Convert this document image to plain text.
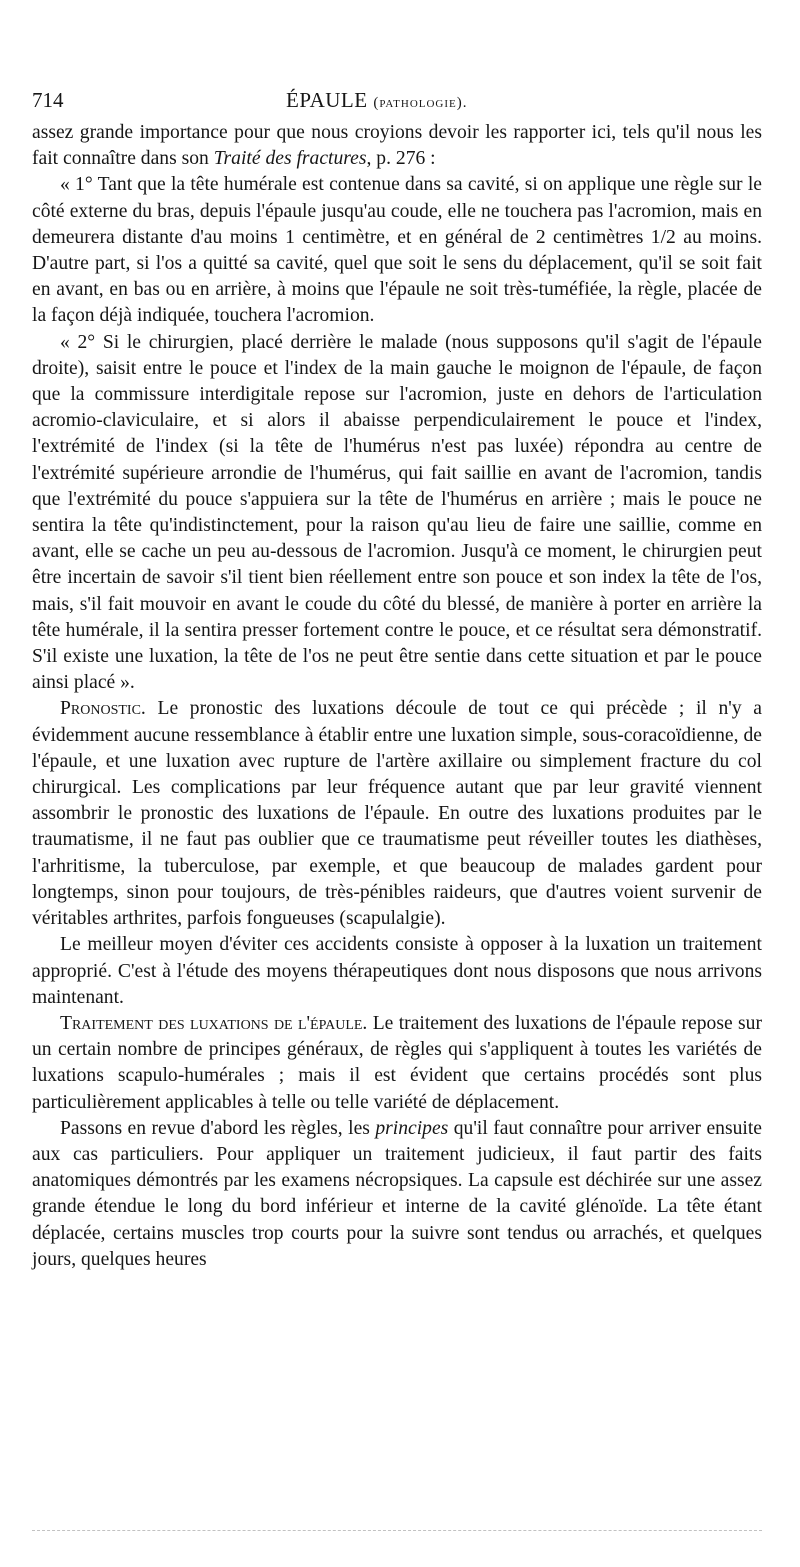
714	ÉPAULE (pathologie).

assez grande importance pour que nous croyions devoir les rapporter ici, tels qu'il nous les fait connaître dans son Traité des fractures, p. 276 :

« 1° Tant que la tête humérale est contenue dans sa cavité, si on applique une règle sur le côté externe du bras, depuis l'épaule jusqu'au coude, elle ne touchera pas l'acromion, mais en demeurera distante d'au moins 1 centimètre, et en général de 2 centimètres 1/2 au moins. D'autre part, si l'os a quitté sa cavité, quel que soit le sens du déplacement, qu'il se soit fait en avant, en bas ou en arrière, à moins que l'épaule ne soit très-tuméfiée, la règle, placée de la façon déjà indiquée, touchera l'acromion.

« 2° Si le chirurgien, placé derrière le malade (nous supposons qu'il s'agit de l'épaule droite), saisit entre le pouce et l'index de la main gauche le moignon de l'épaule, de façon que la commissure interdigitale repose sur l'acromion, juste en dehors de l'articulation acromio-claviculaire, et si alors il abaisse perpendiculairement le pouce et l'index, l'extrémité de l'index (si la tête de l'humérus n'est pas luxée) répondra au centre de l'extrémité supérieure arrondie de l'humérus, qui fait saillie en avant de l'acromion, tandis que l'extrémité du pouce s'appuiera sur la tête de l'humérus en arrière ; mais le pouce ne sentira la tête qu'indistinctement, pour la raison qu'au lieu de faire une saillie, comme en avant, elle se cache un peu au-dessous de l'acromion. Jusqu'à ce moment, le chirurgien peut être incertain de savoir s'il tient bien réellement entre son pouce et son index la tête de l'os, mais, s'il fait mouvoir en avant le coude du côté du blessé, de manière à porter en arrière la tête humérale, il la sentira presser fortement contre le pouce, et ce résultat sera démonstratif. S'il existe une luxation, la tête de l'os ne peut être sentie dans cette situation et par le pouce ainsi placé ».

Pronostic. Le pronostic des luxations découle de tout ce qui précède ; il n'y a évidemment aucune ressemblance à établir entre une luxation simple, sous-coracoïdienne, de l'épaule, et une luxation avec rupture de l'artère axillaire ou simplement fracture du col chirurgical. Les complications par leur fréquence autant que par leur gravité viennent assombrir le pronostic des luxations de l'épaule. En outre des luxations produites par le traumatisme, il ne faut pas oublier que ce traumatisme peut réveiller toutes les diathèses, l'arhritisme, la tuberculose, par exemple, et que beaucoup de malades gardent pour longtemps, sinon pour toujours, de très-pénibles raideurs, que d'autres voient survenir de véritables arthrites, parfois fongueuses (scapulalgie).

Le meilleur moyen d'éviter ces accidents consiste à opposer à la luxation un traitement approprié. C'est à l'étude des moyens thérapeutiques dont nous disposons que nous arrivons maintenant.

Traitement des luxations de l'épaule. Le traitement des luxations de l'épaule repose sur un certain nombre de principes généraux, de règles qui s'appliquent à toutes les variétés de luxations scapulo-humérales ; mais il est évident que certains procédés sont plus particulièrement applicables à telle ou telle variété de déplacement.

Passons en revue d'abord les règles, les principes qu'il faut connaître pour arriver ensuite aux cas particuliers. Pour appliquer un traitement judicieux, il faut partir des faits anatomiques démontrés par les examens nécropsiques. La capsule est déchirée sur une assez grande étendue le long du bord inférieur et interne de la cavité glénoïde. La tête étant déplacée, certains muscles trop courts pour la suivre sont tendus ou arrachés, et quelques jours, quelques heures
